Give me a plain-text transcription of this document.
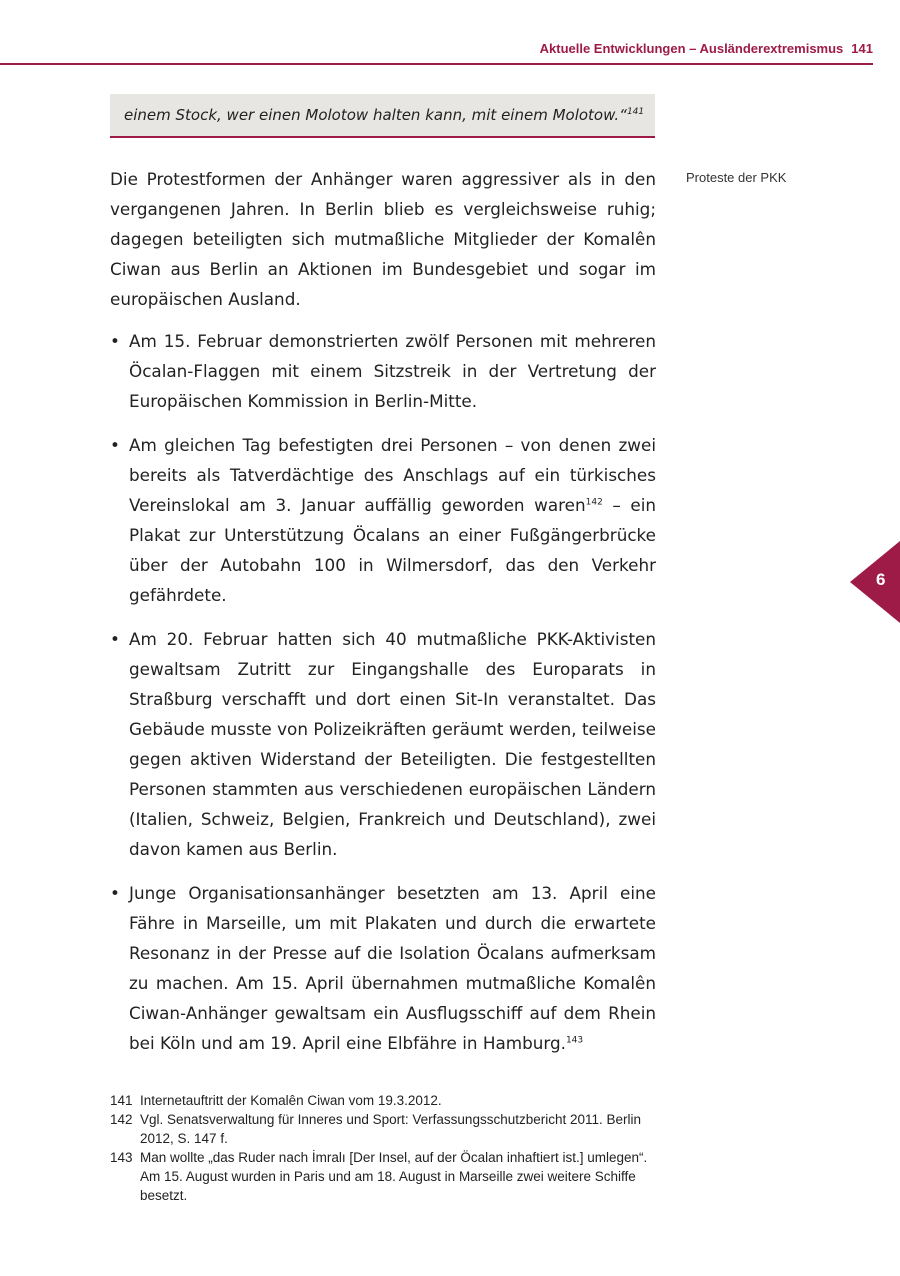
Aktuelle Entwicklungen – Ausländerextremismus 141
einem Stock, wer einen Molotow halten kann, mit einem Molotow.“$^{141}$

Die Protestformen der Anhänger waren aggressiver als in den vergangenen Jahren. In Berlin blieb es vergleichsweise ruhig; dagegen beteiligten sich mutmaßliche Mitglieder der Komalên Ciwan aus Berlin an Aktionen im Bundesgebiet und sogar im europäischen Ausland.

Proteste der PKK
• Am 15. Februar demonstrierten zwölf Personen mit mehreren Öcalan-Flaggen mit einem Sitzstreik in der Vertretung der Europäischen Kommission in Berlin-Mitte.
• Am gleichen Tag befestigten drei Personen – von denen zwei bereits als Tatverdächtige des Anschlags auf ein türkisches Vereinslokal am 3. Januar auffällig geworden waren$^{142}$ – ein Plakat zur Unterstützung Öcalans an einer Fußgängerbrücke über der Autobahn 100 in Wilmersdorf, das den Verkehr gefährdete.
• Am 20. Februar hatten sich 40 mutmaßliche PKK-Aktivisten gewaltsam Zutritt zur Eingangshalle des Europarats in Straßburg verschafft und dort einen Sit-In veranstaltet. Das Gebäude musste von Polizeikräften geräumt werden, teilweise gegen aktiven Widerstand der Beteiligten. Die festgestellten Personen stammten aus verschiedenen europäischen Ländern (Italien, Schweiz, Belgien, Frankreich und Deutschland), zwei davon kamen aus Berlin.
• Junge Organisationsanhänger besetzten am 13. April eine Fähre in Marseille, um mit Plakaten und durch die erwartete Resonanz in der Presse auf die Isolation Öcalans aufmerksam zu machen. Am 15. April übernahmen mutmaßliche Komalên Ciwan-Anhänger gewaltsam ein Ausflugsschiff auf dem Rhein bei Köln und am 19. April eine Elbfähre in Hamburg.$^{143}$
6
141 Internetauftritt der Komalên Ciwan vom 19.3.2012.
142 Vgl. Senatsverwaltung für Inneres und Sport: Verfassungsschutzbericht 2011. Berlin 2012, S. 147 f.
143 Man wollte „das Ruder nach İmralı [Der Insel, auf der Öcalan inhaftiert ist.] umlegen“. Am 15. August wurden in Paris und am 18. August in Marseille zwei weitere Schiffe besetzt.
